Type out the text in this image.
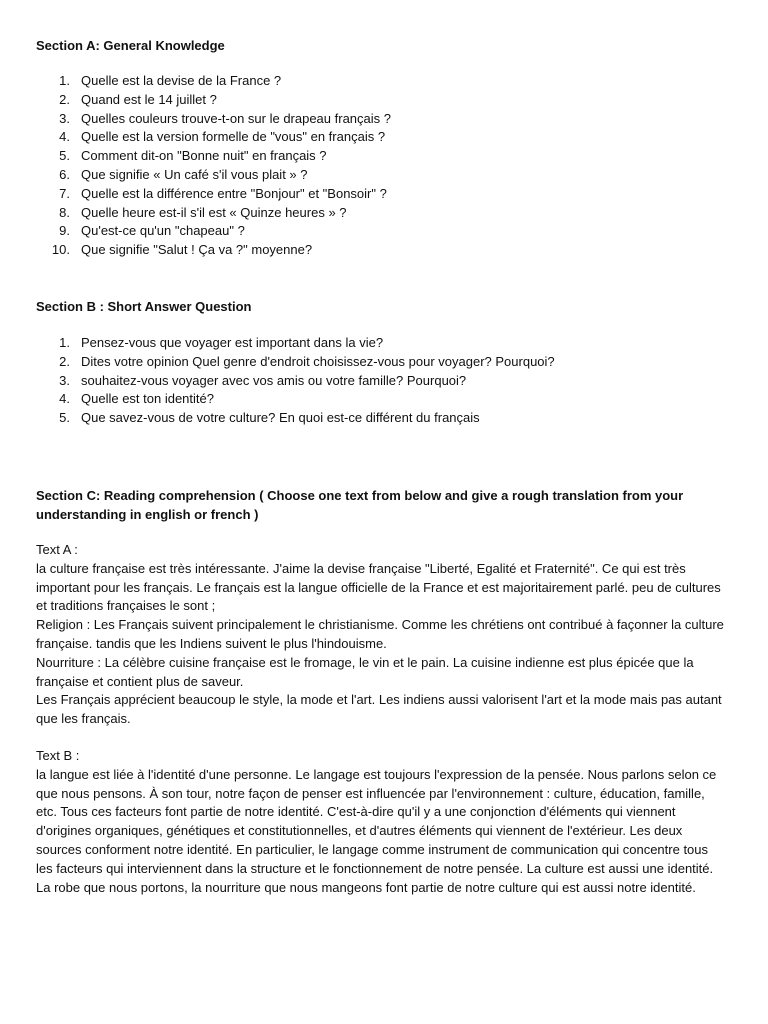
Section A: General Knowledge
1. Quelle est la devise de la France ?
2. Quand est le 14 juillet ?
3. Quelles couleurs trouve-t-on sur le drapeau français ?
4. Quelle est la version formelle de "vous" en français ?
5. Comment dit-on "Bonne nuit" en français ?
6. Que signifie « Un café s'il vous plait » ?
7. Quelle est la différence entre "Bonjour" et "Bonsoir" ?
8. Quelle heure est-il s'il est « Quinze heures » ?
9. Qu'est-ce qu'un "chapeau" ?
10. Que signifie "Salut ! Ça va ?" moyenne?
Section B : Short Answer Question
1. Pensez-vous que voyager est important dans la vie?
2. Dites votre opinion Quel genre d'endroit choisissez-vous pour voyager? Pourquoi?
3. souhaitez-vous voyager avec vos amis ou votre famille? Pourquoi?
4. Quelle est ton identité?
5. Que savez-vous de votre culture? En quoi est-ce différent du français
Section C: Reading comprehension ( Choose one text from below and give a rough translation from your understanding in english or french )

Text A :

la culture française est très intéressante. J'aime la devise française "Liberté, Egalité et Fraternité". Ce qui est très important pour les français. Le français est la langue officielle de la France et est majoritairement parlé. peu de cultures et traditions françaises le sont ;

Religion : Les Français suivent principalement le christianisme. Comme les chrétiens ont contribué à façonner la culture française. tandis que les Indiens suivent le plus l'hindouisme.

Nourriture : La célèbre cuisine française est le fromage, le vin et le pain. La cuisine indienne est plus épicée que la française et contient plus de saveur.

Les Français apprécient beaucoup le style, la mode et l'art. Les indiens aussi valorisent l'art et la mode mais pas autant que les français.

Text B :

la langue est liée à l'identité d'une personne. Le langage est toujours l'expression de la pensée. Nous parlons selon ce que nous pensons. À son tour, notre façon de penser est influencée par l'environnement : culture, éducation, famille, etc. Tous ces facteurs font partie de notre identité. C'est-à-dire qu'il y a une conjonction d'éléments qui viennent d'origines organiques, génétiques et constitutionnelles, et d'autres éléments qui viennent de l'extérieur. Les deux sources conforment notre identité. En particulier, le langage comme instrument de communication qui concentre tous les facteurs qui interviennent dans la structure et le fonctionnement de notre pensée. La culture est aussi une identité. La robe que nous portons, la nourriture que nous mangeons font partie de notre culture qui est aussi notre identité.
